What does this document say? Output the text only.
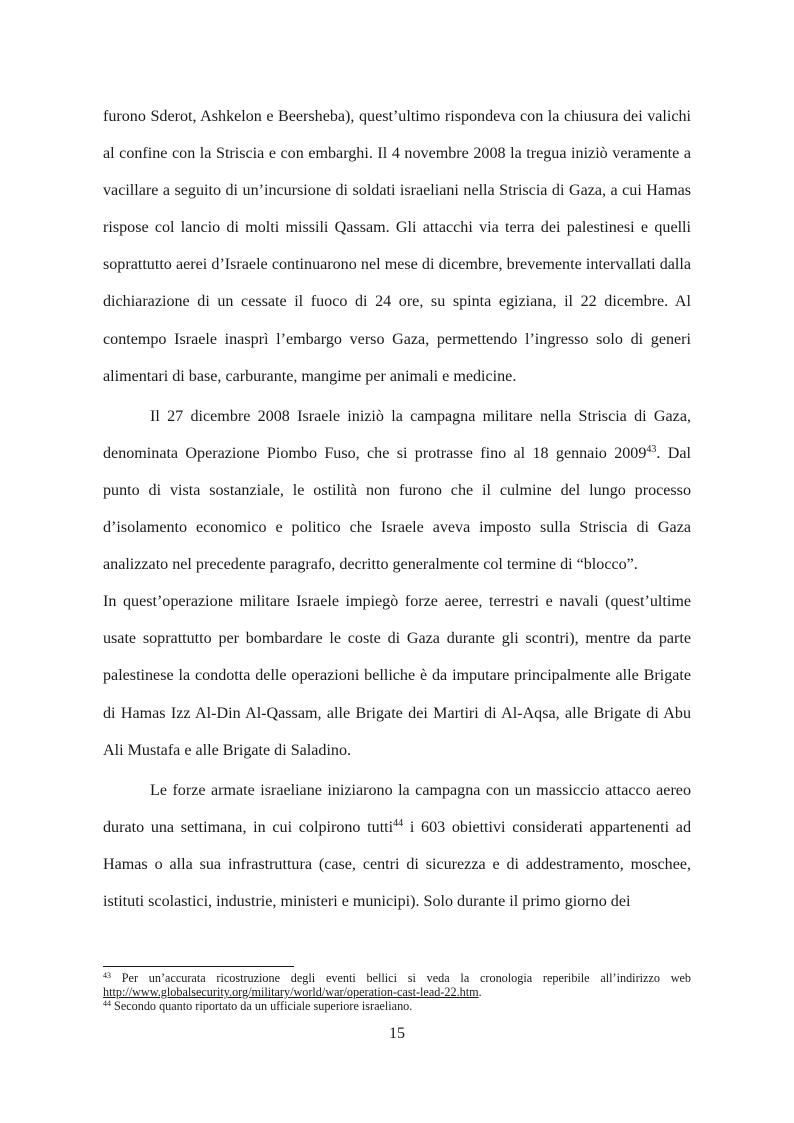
furono Sderot, Ashkelon e Beersheba), quest’ultimo rispondeva con la chiusura dei valichi al confine con la Striscia e con embarghi. Il 4 novembre 2008 la tregua iniziò veramente a vacillare a seguito di un’incursione di soldati israeliani nella Striscia di Gaza, a cui Hamas rispose col lancio di molti missili Qassam. Gli attacchi via terra dei palestinesi e quelli soprattutto aerei d’Israele continuarono nel mese di dicembre, brevemente intervallati dalla dichiarazione di un cessate il fuoco di 24 ore, su spinta egiziana, il 22 dicembre. Al contempo Israele inasprì l’embargo verso Gaza, permettendo l’ingresso solo di generi alimentari di base, carburante, mangime per animali e medicine.

Il 27 dicembre 2008 Israele iniziò la campagna militare nella Striscia di Gaza, denominata Operazione Piombo Fuso, che si protrasse fino al 18 gennaio 2009$^{43}$. Dal punto di vista sostanziale, le ostilità non furono che il culmine del lungo processo d’isolamento economico e politico che Israele aveva imposto sulla Striscia di Gaza analizzato nel precedente paragrafo, decritto generalmente col termine di “blocco”.

In quest’operazione militare Israele impiegò forze aeree, terrestri e navali (quest’ultime usate soprattutto per bombardare le coste di Gaza durante gli scontri), mentre da parte palestinese la condotta delle operazioni belliche è da imputare principalmente alle Brigate di Hamas Izz Al-Din Al-Qassam, alle Brigate dei Martiri di Al-Aqsa, alle Brigate di Abu Ali Mustafa e alle Brigate di Saladino.

Le forze armate israeliane iniziarono la campagna con un massiccio attacco aereo durato una settimana, in cui colpirono tutti$^{44}$ i 603 obiettivi considerati appartenenti ad Hamas o alla sua infrastruttura (case, centri di sicurezza e di addestramento, moschee, istituti scolastici, industrie, ministeri e municipi). Solo durante il primo giorno dei

$^{43}$ Per un’accurata ricostruzione degli eventi bellici si veda la cronologia reperibile all’indirizzo web http://www.globalsecurity.org/military/world/war/operation-cast-lead-22.htm.

$^{44}$ Secondo quanto riportato da un ufficiale superiore israeliano.

15
